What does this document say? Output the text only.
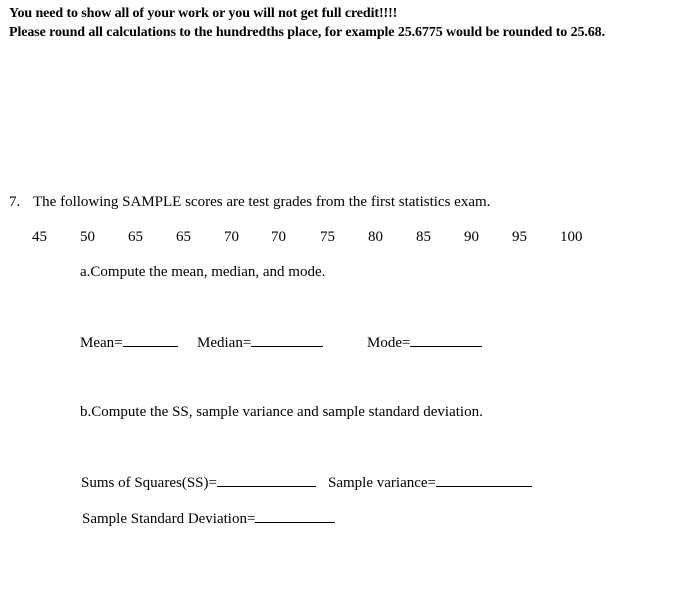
You need to show all of your work or you will not get full credit!!!!
Please round all calculations to the hundredths place, for example 25.6775 would be rounded to 25.68.
7. The following SAMPLE scores are test grades from the first statistics exam.
45 50 65 65 70 70 75 80 85 90 95 100
a.Compute the mean, median, and mode.
Mean=	Median=	Mode=
b.Compute the SS, sample variance and sample standard deviation.
Sums of Squares(SS)=	Sample variance=
Sample Standard Deviation=
